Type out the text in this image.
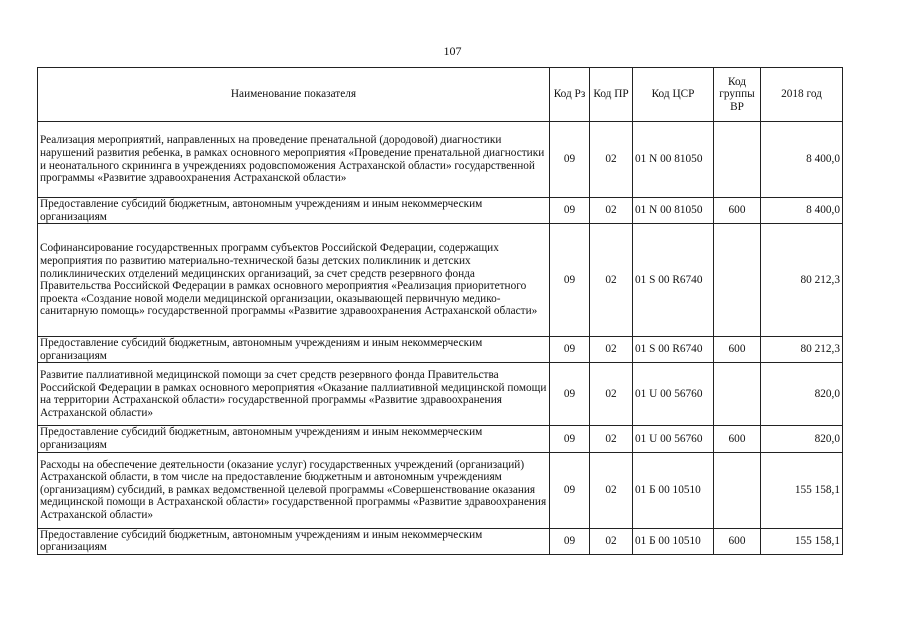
107
Наименование показателя	Код Рз	Код ПР	Код ЦСР	Код группы ВР	2018 год
Реализация мероприятий, направленных на проведение пренатальной (дородовой) диагностики нарушений развития ребенка, в рамках основного мероприятия «Проведение пренатальной диагностики и неонатального скрининга в учреждениях родовспоможения Астраханской области» государственной программы «Развитие здравоохранения Астраханской области»	09	02	01 N 00 81050		8 400,0
Предоставление субсидий бюджетным, автономным учреждениям и иным некоммерческим организациям	09	02	01 N 00 81050	600	8 400,0
Софинансирование государственных программ субъектов Российской Федерации, содержащих мероприятия по развитию материально-технической базы детских поликлиник и детских поликлинических отделений медицинских организаций, за счет средств резервного фонда Правительства Российской Федерации в рамках основного мероприятия «Реализация приоритетного проекта «Создание новой модели медицинской организации, оказывающей первичную медико-санитарную помощь» государственной программы «Развитие здравоохранения Астраханской области»	09	02	01 S 00 R6740		80 212,3
Предоставление субсидий бюджетным, автономным учреждениям и иным некоммерческим организациям	09	02	01 S 00 R6740	600	80 212,3
Развитие паллиативной медицинской помощи за счет средств резервного фонда Правительства Российской Федерации в рамках основного мероприятия «Оказание паллиативной медицинской помощи на территории Астраханской области» государственной программы «Развитие здравоохранения Астраханской области»	09	02	01 U 00 56760		820,0
Предоставление субсидий бюджетным, автономным учреждениям и иным некоммерческим организациям	09	02	01 U 00 56760	600	820,0
Расходы на обеспечение деятельности (оказание услуг) государственных учреждений (организаций) Астраханской области, в том числе на предоставление бюджетным и автономным учреждениям (организациям) субсидий, в рамках ведомственной целевой программы «Совершенствование оказания медицинской помощи в Астраханской области» государственной программы «Развитие здравоохранения Астраханской области»	09	02	01 Б 00 10510		155 158,1
Предоставление субсидий бюджетным, автономным учреждениям и иным некоммерческим организациям	09	02	01 Б 00 10510	600	155 158,1
